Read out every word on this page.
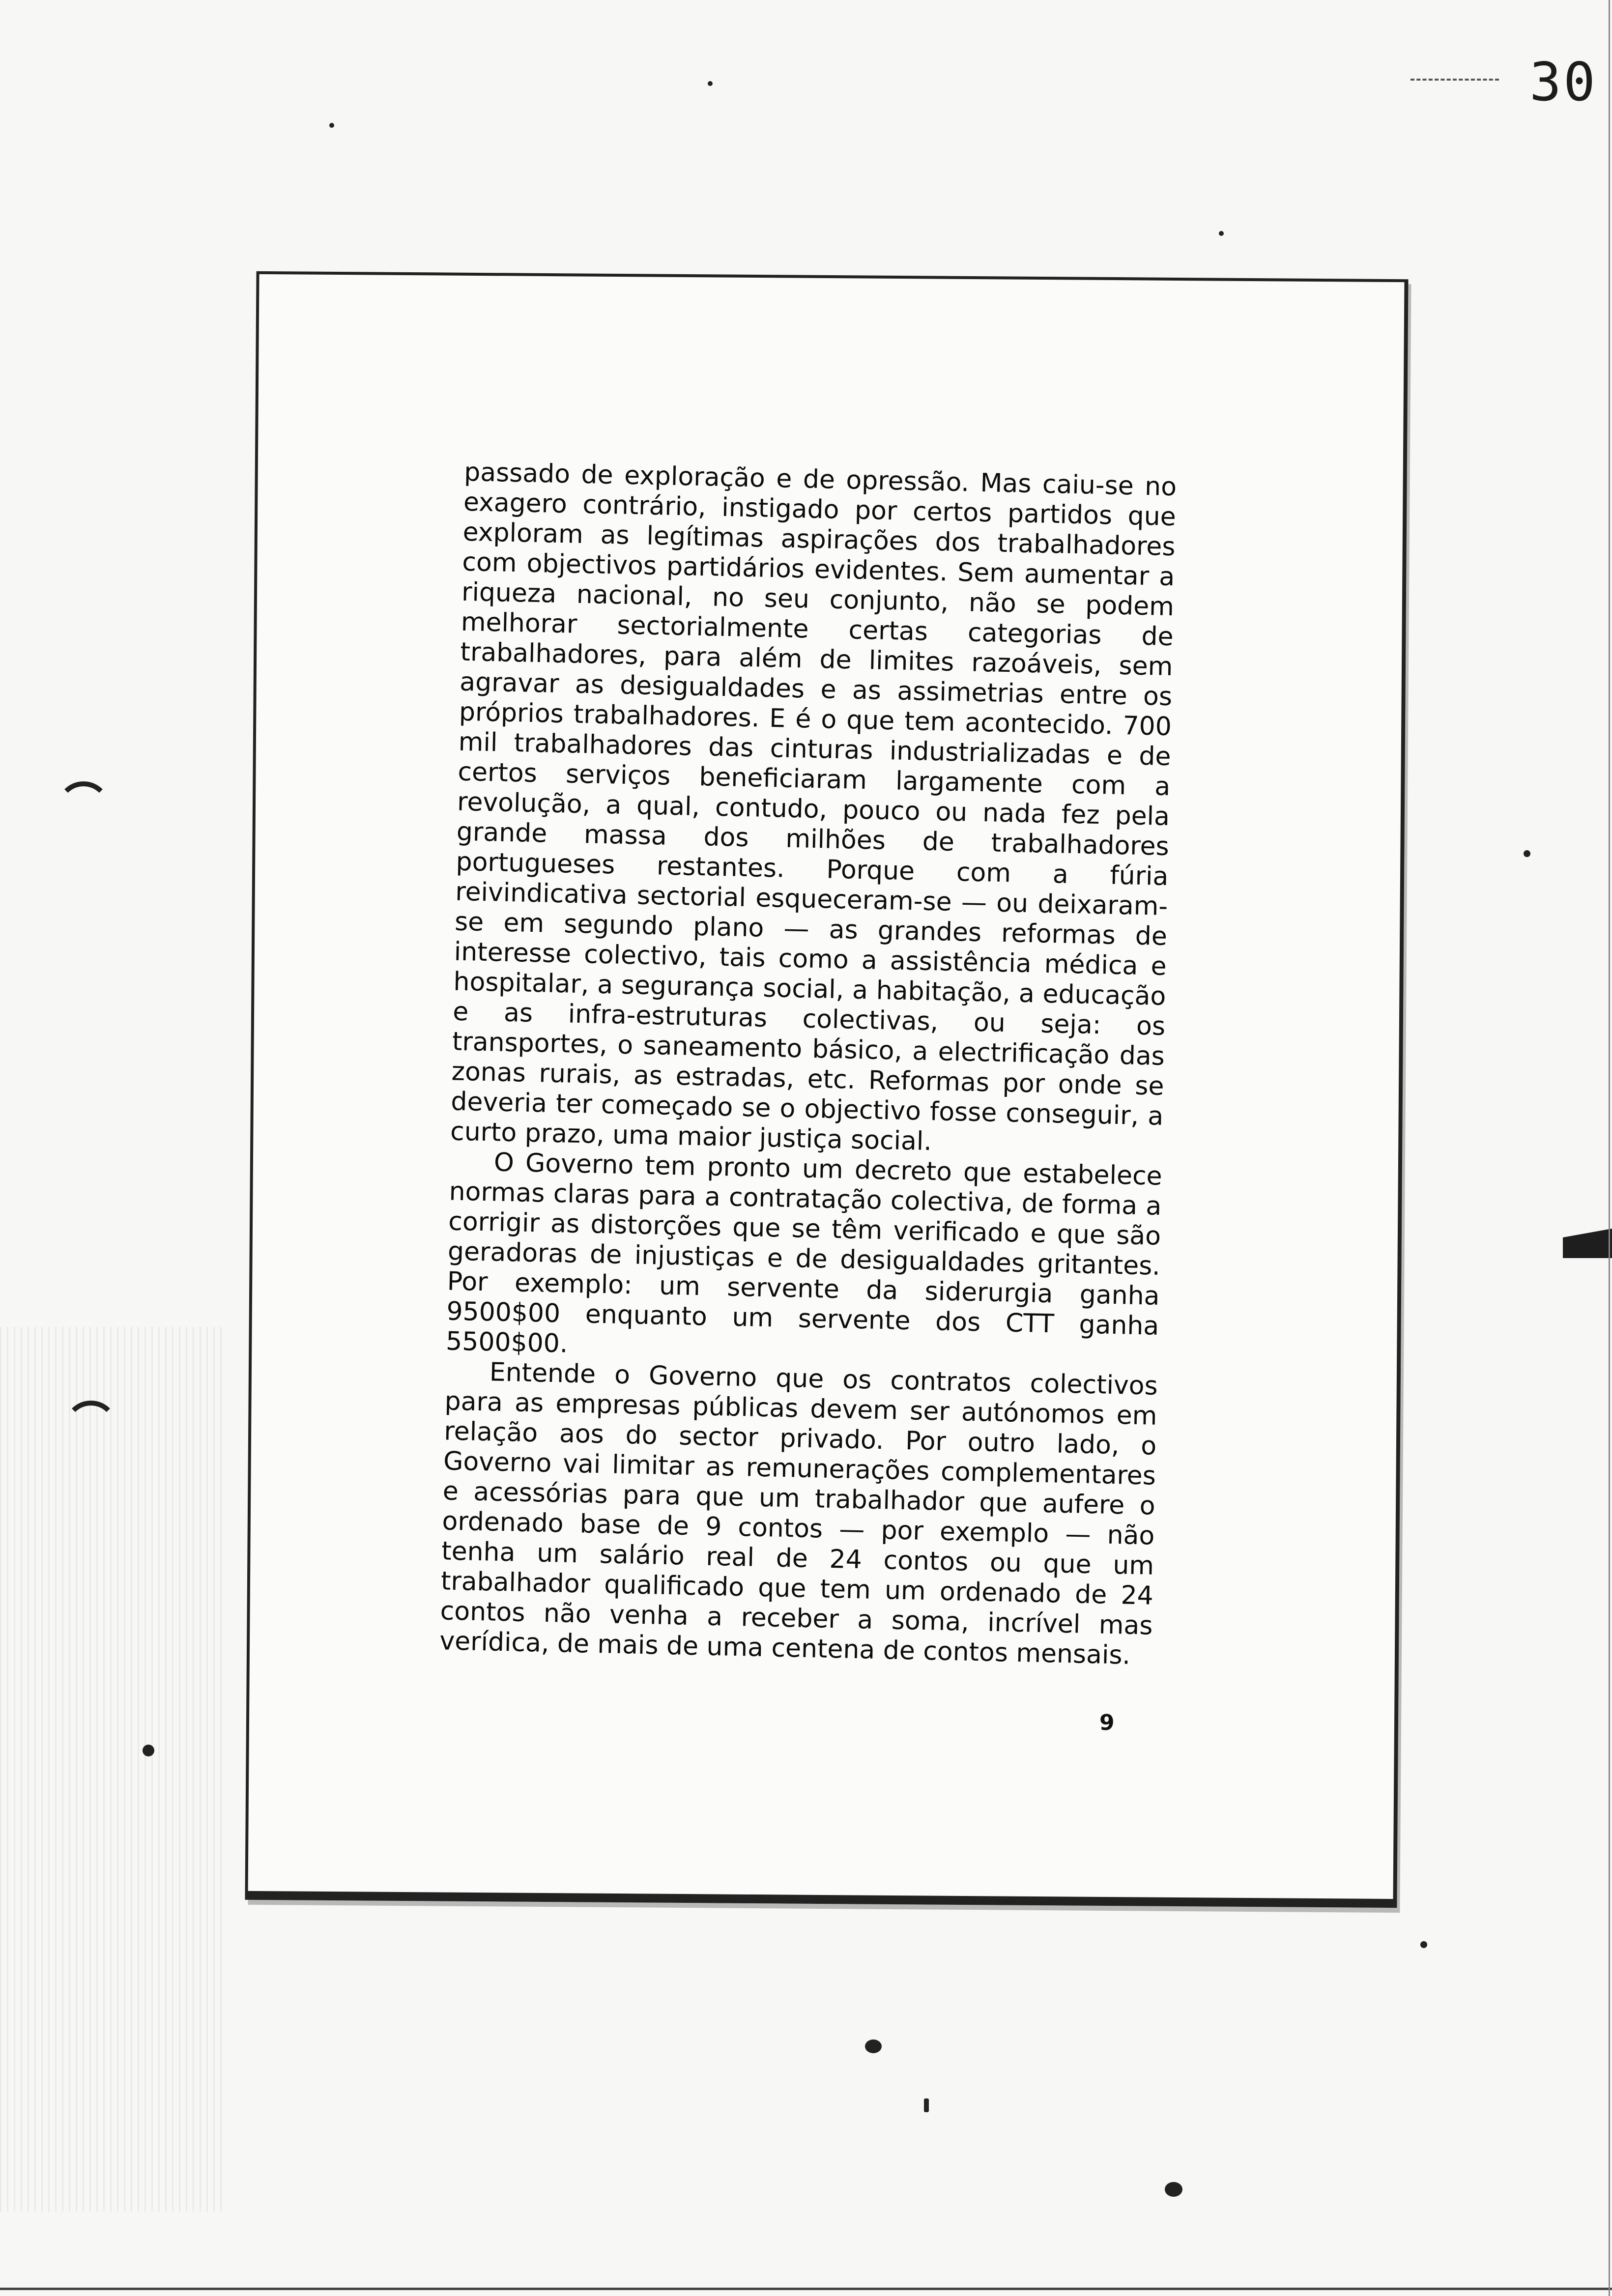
30

passado de exploração e de opressão. Mas caiu-se no exagero contrário, instigado por certos partidos que exploram as legítimas aspirações dos trabalhadores com objectivos partidários evidentes. Sem aumentar a riqueza nacional, no seu conjunto, não se podem melhorar sectorialmente certas categorias de trabalhadores, para além de limites razoáveis, sem agravar as desigualdades e as assimetrias entre os próprios trabalhadores. E é o que tem acontecido. 700 mil trabalhadores das cinturas industrializadas e de certos serviços beneficiaram largamente com a revolução, a qual, contudo, pouco ou nada fez pela grande massa dos milhões de trabalhadores portugueses restantes. Porque com a fúria reivindicativa sectorial esqueceram-se — ou deixaram-se em segundo plano — as grandes reformas de interesse colectivo, tais como a assistência médica e hospitalar, a segurança social, a habitação, a educação e as infra-estruturas colectivas, ou seja: os transportes, o saneamento básico, a electrificação das zonas rurais, as estradas, etc. Reformas por onde se deveria ter começado se o objectivo fosse conseguir, a curto prazo, uma maior justiça social.

O Governo tem pronto um decreto que estabelece normas claras para a contratação colectiva, de forma a corrigir as distorções que se têm verificado e que são geradoras de injustiças e de desigualdades gritantes. Por exemplo: um servente da siderurgia ganha 9500$00 enquanto um servente dos CTT ganha 5500$00.

Entende o Governo que os contratos colectivos para as empresas públicas devem ser autónomos em relação aos do sector privado. Por outro lado, o Governo vai limitar as remunerações complementares e acessórias para que um trabalhador que aufere o ordenado base de 9 contos — por exemplo — não tenha um salário real de 24 contos ou que um trabalhador qualificado que tem um ordenado de 24 contos não venha a receber a soma, incrível mas verídica, de mais de uma centena de contos mensais.

9
